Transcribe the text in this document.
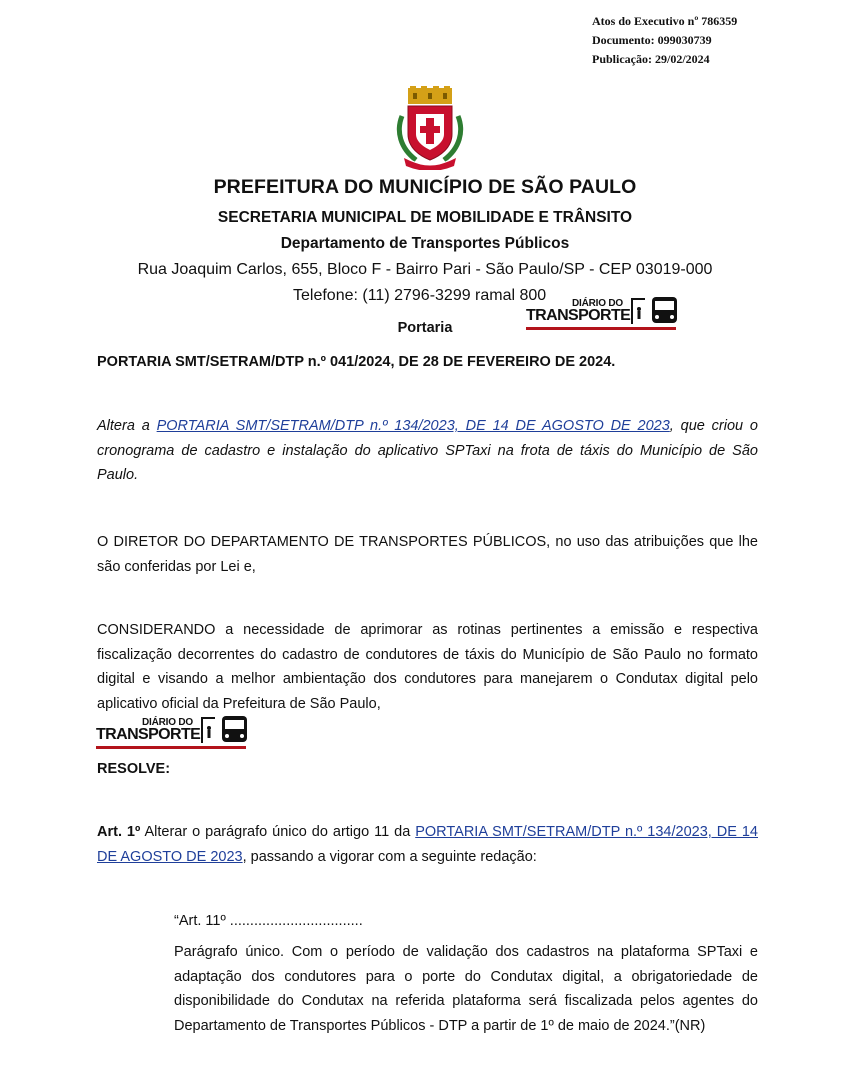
Atos do Executivo nº 786359
Documento: 099030739
Publicação: 29/02/2024
PREFEITURA DO MUNICÍPIO DE SÃO PAULO
SECRETARIA MUNICIPAL DE MOBILIDADE E TRÂNSITO
Departamento de Transportes Públicos
Rua Joaquim Carlos, 655, Bloco F - Bairro Pari - São Paulo/SP - CEP 03019-000
Telefone: (11) 2796-3299 ramal 800
Portaria
DIÁRIO DO
TRANSPORTE
PORTARIA SMT/SETRAM/DTP n.º 041/2024, DE 28 DE FEVEREIRO DE 2024.
Altera a PORTARIA SMT/SETRAM/DTP n.º 134/2023, DE 14 DE AGOSTO DE 2023, que criou o cronograma de cadastro e instalação do aplicativo SPTaxi na frota de táxis do Município de São Paulo.
O DIRETOR DO DEPARTAMENTO DE TRANSPORTES PÚBLICOS, no uso das atribuições que lhe são conferidas por Lei e,
CONSIDERANDO a necessidade de aprimorar as rotinas pertinentes a emissão e respectiva fiscalização decorrentes do cadastro de condutores de táxis do Município de São Paulo no formato digital e visando a melhor ambientação dos condutores para manejarem o Condutax digital pelo aplicativo oficial da Prefeitura de São Paulo,
DIÁRIO DO
TRANSPORTE
RESOLVE:
Art. 1º Alterar o parágrafo único do artigo 11 da PORTARIA SMT/SETRAM/DTP n.º 134/2023, DE 14 DE AGOSTO DE 2023, passando a vigorar com a seguinte redação:
“Art. 11º .................................
Parágrafo único. Com o período de validação dos cadastros na plataforma SPTaxi e adaptação dos condutores para o porte do Condutax digital, a obrigatoriedade de disponibilidade do Condutax na referida plataforma será fiscalizada pelos agentes do Departamento de Transportes Públicos - DTP a partir de 1º de maio de 2024.”(NR)
